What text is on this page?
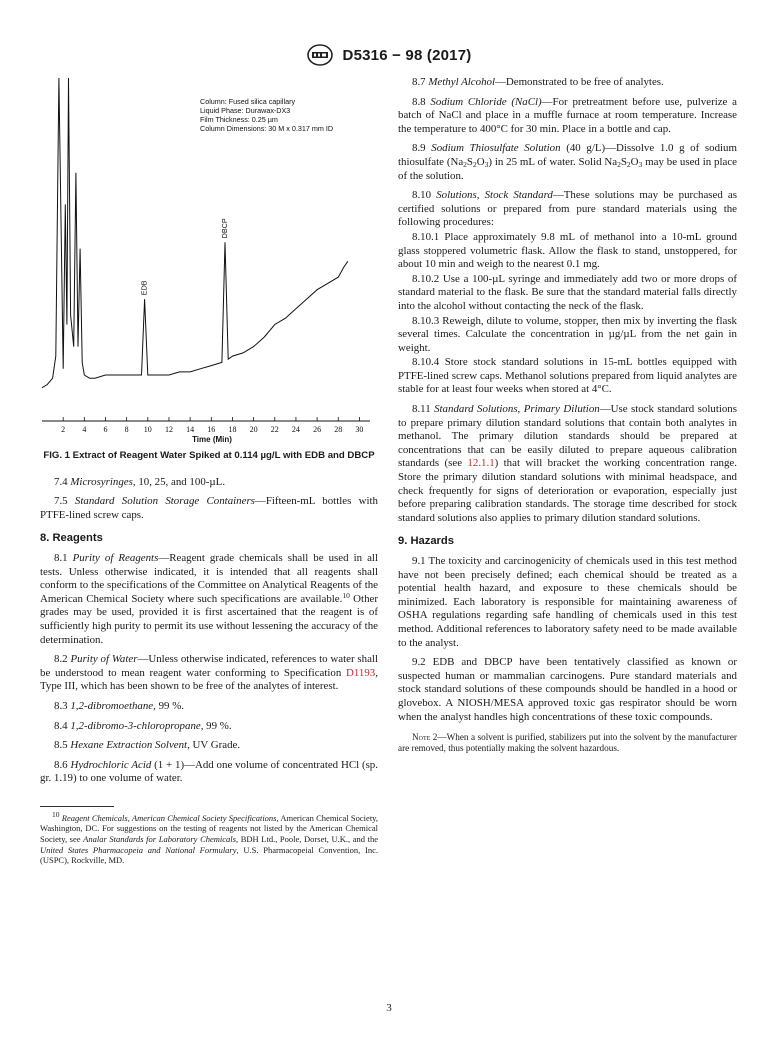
D5316 − 98 (2017)
Column: Fused silica capillary
Liquid Phase: Durawax-DX3
Film Thickness: 0.25 µm
Column Dimensions: 30 M x 0.317 mm ID
2 4 6 8 10 12 14 16 18 20 22 24 26 28 30
EDB
DBCP
Time (Min)
FIG. 1 Extract of Reagent Water Spiked at 0.114 µg/L with EDB and DBCP

7.4 Microsyringes, 10, 25, and 100-µL.

7.5 Standard Solution Storage Containers—Fifteen-mL bottles with PTFE-lined screw caps.

8. Reagents

8.1 Purity of Reagents—Reagent grade chemicals shall be used in all tests. Unless otherwise indicated, it is intended that all reagents shall conform to the specifications of the Committee on Analytical Reagents of the American Chemical Society where such specifications are available.$^{10}$ Other grades may be used, provided it is first ascertained that the reagent is of sufficiently high purity to permit its use without lessening the accuracy of the determination.

8.2 Purity of Water—Unless otherwise indicated, references to water shall be understood to mean reagent water conforming to Specification D1193, Type III, which has been shown to be free of the analytes of interest.

8.3 1,2-dibromoethane, 99 %.

8.4 1,2-dibromo-3-chloropropane, 99 %.

8.5 Hexane Extraction Solvent, UV Grade.

8.6 Hydrochloric Acid (1 + 1)—Add one volume of concentrated HCl (sp. gr. 1.19) to one volume of water.

$^{10}$ Reagent Chemicals, American Chemical Society Specifications, American Chemical Society, Washington, DC. For suggestions on the testing of reagents not listed by the American Chemical Society, see Analar Standards for Laboratory Chemicals, BDH Ltd., Poole, Dorset, U.K., and the United States Pharmacopeia and National Formulary, U.S. Pharmacopeial Convention, Inc. (USPC), Rockville, MD.

8.7 Methyl Alcohol—Demonstrated to be free of analytes.

8.8 Sodium Chloride (NaCl)—For pretreatment before use, pulverize a batch of NaCl and place in a muffle furnace at room temperature. Increase the temperature to 400°C for 30 min. Place in a bottle and cap.

8.9 Sodium Thiosulfate Solution (40 g/L)—Dissolve 1.0 g of sodium thiosulfate $(Na_2S_2O_3)$ in 25 mL of water. Solid $Na_2S_2O_3$ may be used in place of the solution.

8.10 Solutions, Stock Standard—These solutions may be purchased as certified solutions or prepared from pure standard materials using the following procedures:

8.10.1 Place approximately 9.8 mL of methanol into a 10-mL ground glass stoppered volumetric flask. Allow the flask to stand, unstoppered, for about 10 min and weigh to the nearest 0.1 mg.

8.10.2 Use a 100-µL syringe and immediately add two or more drops of standard material to the flask. Be sure that the standard material falls directly into the alcohol without contacting the neck of the flask.

8.10.3 Reweigh, dilute to volume, stopper, then mix by inverting the flask several times. Calculate the concentration in µg/µL from the net gain in weight.

8.10.4 Store stock standard solutions in 15-mL bottles equipped with PTFE-lined screw caps. Methanol solutions prepared from liquid analytes are stable for at least four weeks when stored at 4°C.

8.11 Standard Solutions, Primary Dilution—Use stock standard solutions to prepare primary dilution standard solutions that contain both analytes in methanol. The primary dilution standards should be prepared at concentrations that can be easily diluted to prepare aqueous calibration standards (see 12.1.1) that will bracket the working concentration range. Store the primary dilution standard solutions with minimal headspace, and check frequently for signs of deterioration or evaporation, especially just before preparing calibration standards. The storage time described for stock standard solutions also applies to primary dilution standard solutions.

9. Hazards

9.1 The toxicity and carcinogenicity of chemicals used in this test method have not been precisely defined; each chemical should be treated as a potential health hazard, and exposure to these chemicals should be minimized. Each laboratory is responsible for maintaining awareness of OSHA regulations regarding safe handling of chemicals used in this test method. Additional references to laboratory safety need to be made available to the analyst.

9.2 EDB and DBCP have been tentatively classified as known or suspected human or mammalian carcinogens. Pure standard materials and stock standard solutions of these compounds should be handled in a hood or glovebox. A NIOSH/MESA approved toxic gas respirator should be worn when the analyst handles high concentrations of these toxic compounds.

Note 2—When a solvent is purified, stabilizers put into the solvent by the manufacturer are removed, thus potentially making the solvent hazardous.

3
